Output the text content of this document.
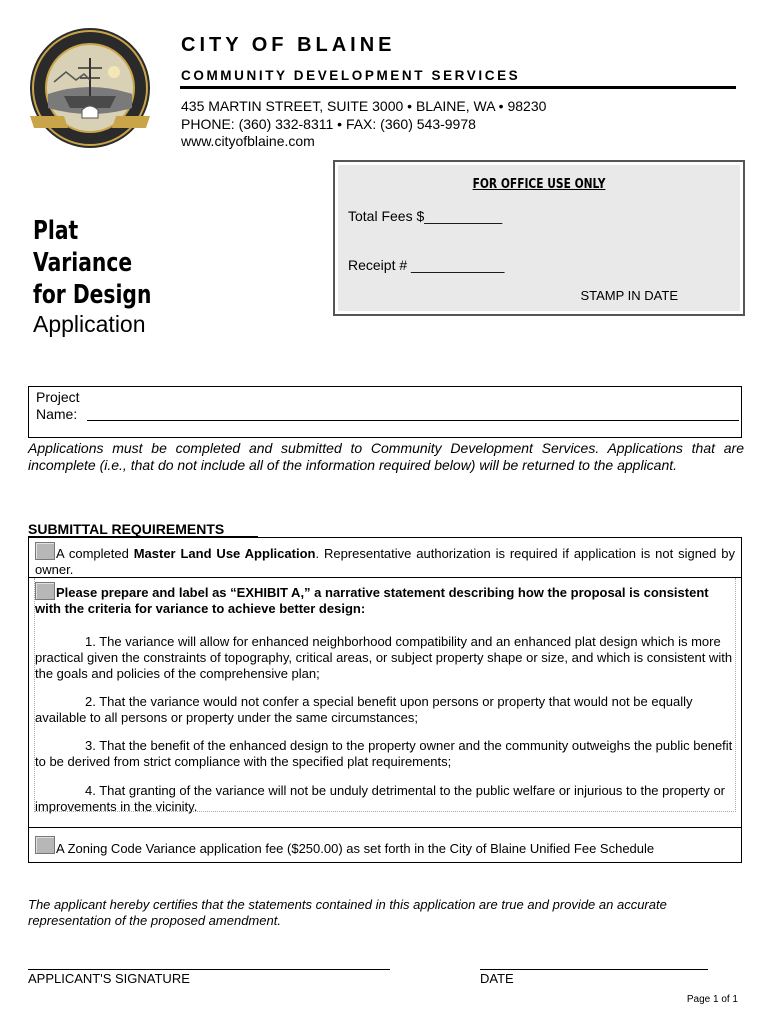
CITY OF BLAINE
COMMUNITY DEVELOPMENT SERVICES
435 MARTIN STREET, SUITE 3000 • BLAINE, WA • 98230
PHONE: (360) 332-8311 • FAX: (360) 543-9978
www.cityofblaine.com
FOR OFFICE USE ONLY
Total Fees $__________
Receipt # ____________
STAMP IN DATE
Plat
Variance
for Design
Application
Project Name:
Applications must be completed and submitted to Community Development Services. Applications that are incomplete (i.e., that do not include all of the information required below) will be returned to the applicant.
SUBMITTAL REQUIREMENTS
A completed Master Land Use Application. Representative authorization is required if application is not signed by owner.
Please prepare and label as “EXHIBIT A,” a narrative statement describing how the proposal is consistent with the criteria for variance to achieve better design:
1. The variance will allow for enhanced neighborhood compatibility and an enhanced plat design which is more practical given the constraints of topography, critical areas, or subject property shape or size, and which is consistent with the goals and policies of the comprehensive plan;
2. That the variance would not confer a special benefit upon persons or property that would not be equally available to all persons or property under the same circumstances;
3. That the benefit of the enhanced design to the property owner and the community outweighs the public benefit to be derived from strict compliance with the specified plat requirements;
4. That granting of the variance will not be unduly detrimental to the public welfare or injurious to the property or improvements in the vicinity.
A Zoning Code Variance application fee ($250.00) as set forth in the City of Blaine Unified Fee Schedule
The applicant hereby certifies that the statements contained in this application are true and provide an accurate representation of the proposed amendment.
APPLICANT'S SIGNATURE	DATE
Page 1 of 1
